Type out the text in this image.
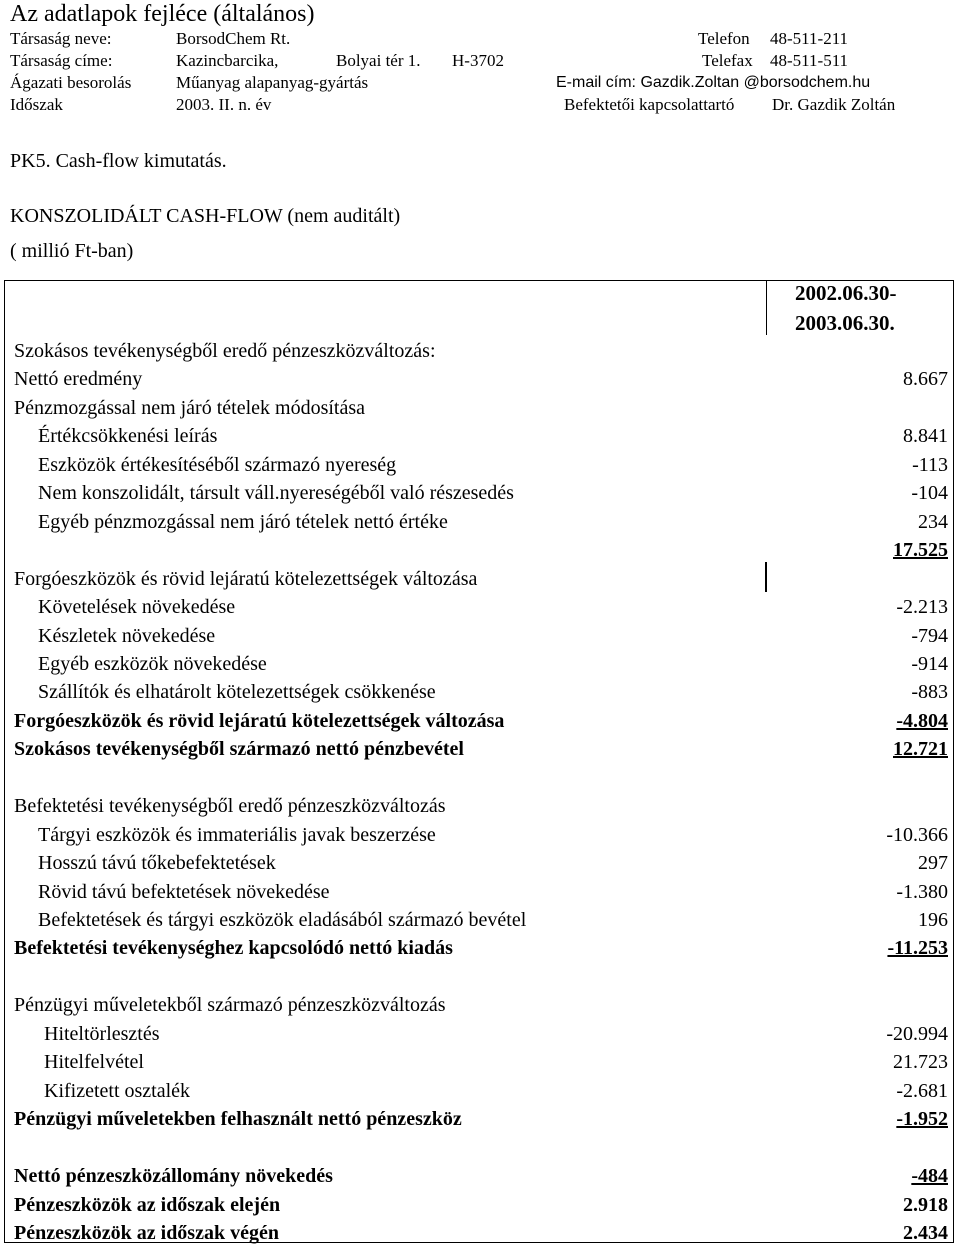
Az adatlapok fejléce (általános)
Társaság neve:	BorsodChem Rt.	Telefon 48-511-211
Társaság címe:	Kazincbarcika,	Bolyai tér 1. H-3702	Telefax 48-511-511
Ágazati besorolás	Műanyag alapanyag-gyártás	E-mail cím: Gazdik.Zoltan @borsodchem.hu
Időszak	2003. II. n. év	Befektetői kapcsolattartó Dr. Gazdik Zoltán
PK5. Cash-flow kimutatás.
KONSZOLIDÁLT CASH-FLOW (nem auditált)
( millió Ft-ban)
2002.06.30-
2003.06.30.
Szokásos tevékenységből eredő pénzeszközváltozás:
Nettó eredmény	8.667
Pénzmozgással nem járó tételek módosítása
Értékcsökkenési leírás	8.841
Eszközök értékesítéséből származó nyereség	-113
Nem konszolidált, társult váll.nyereségéből való részesedés	-104
Egyéb pénzmozgással nem járó tételek nettó értéke	234
17.525
Forgóeszközök és rövid lejáratú kötelezettségek változása
Követelések növekedése	-2.213
Készletek növekedése	-794
Egyéb eszközök növekedése	-914
Szállítók és elhatárolt kötelezettségek csökkenése	-883
Forgóeszközök és rövid lejáratú kötelezettségek változása	-4.804
Szokásos tevékenységből származó nettó pénzbevétel	12.721
Befektetési tevékenységből eredő pénzeszközváltozás
Tárgyi eszközök és immateriális javak beszerzése	-10.366
Hosszú távú tőkebefektetések	297
Rövid távú befektetések növekedése	-1.380
Befektetések és tárgyi eszközök eladásából származó bevétel	196
Befektetési tevékenységhez kapcsolódó nettó kiadás	-11.253
Pénzügyi műveletekből származó pénzeszközváltozás
Hiteltörlesztés	-20.994
Hitelfelvétel	21.723
Kifizetett osztalék	-2.681
Pénzügyi műveletekben felhasznált nettó pénzeszköz	-1.952
Nettó pénzeszközállomány növekedés	-484
Pénzeszközök az időszak elején	2.918
Pénzeszközök az időszak végén	2.434
